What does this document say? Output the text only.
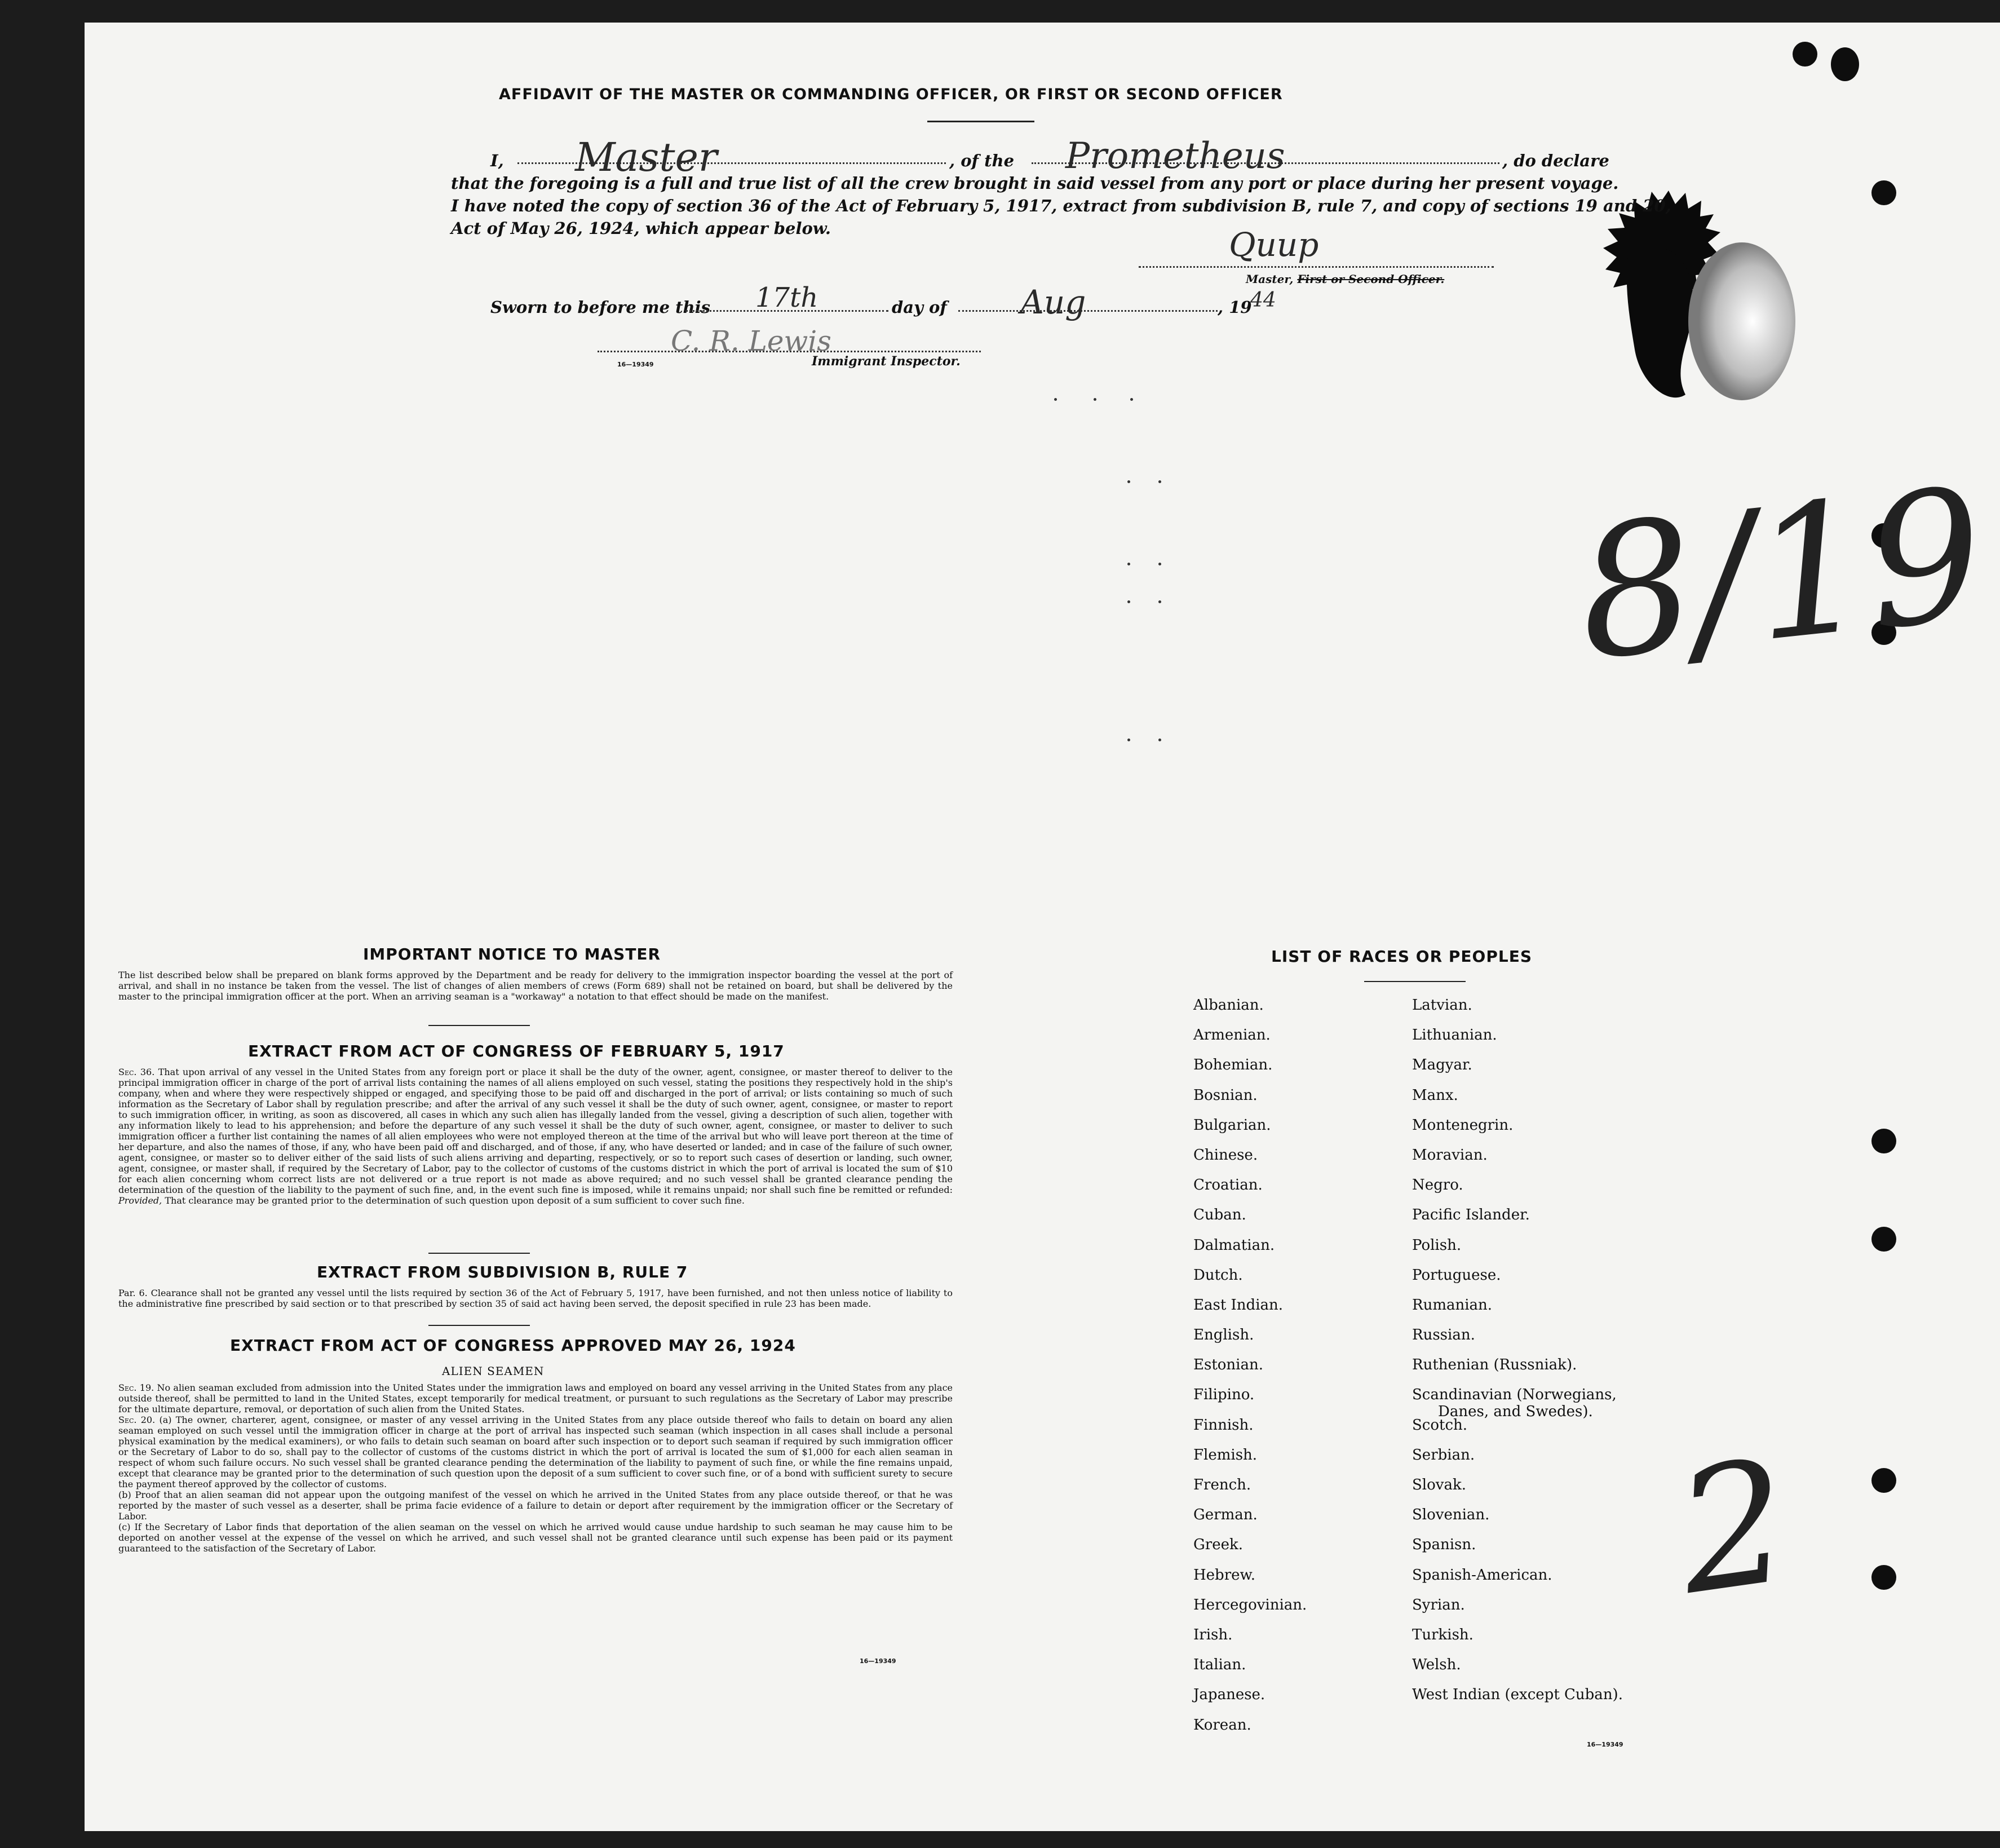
AFFIDAVIT OF THE MASTER OR COMMANDING OFFICER, OR FIRST OR SECOND OFFICER
I, Master	, of the Prometheus	, do declare
that the foregoing is a full and true list of all the crew brought in said vessel from any port or place during her present voyage.
I have noted the copy of section 36 of the Act of February 5, 1917, extract from subdivision B, rule 7, and copy of sections 19 and 20,
Act of May 26, 1924, which appear below.	Quup
Master, First or Second Officer.
Sworn to before me this 17th	day of Aug	, 19
44
C. R. Lewis
16—19349	Immigrant Inspector.
8/19
2
IMPORTANT NOTICE TO MASTER
The list described below shall be prepared on blank forms approved by the Department and be ready for delivery to the immigration inspector boarding the vessel at the port of arrival, and shall in no instance be taken from the vessel. The list of changes of alien members of crews (Form 689) shall not be retained on board, but shall be delivered by the master to the principal immigration officer at the port. When an arriving seaman is a "workaway" a notation to that effect should be made on the manifest.
EXTRACT FROM ACT OF CONGRESS OF FEBRUARY 5, 1917
Sec. 36. That upon arrival of any vessel in the United States from any foreign port or place it shall be the duty of the owner, agent, consignee, or master thereof to deliver to the principal immigration officer in charge of the port of arrival lists containing the names of all aliens employed on such vessel, stating the positions they respectively hold in the ship's company, when and where they were respectively shipped or engaged, and specifying those to be paid off and discharged in the port of arrival; or lists containing so much of such information as the Secretary of Labor shall by regulation prescribe; and after the arrival of any such vessel it shall be the duty of such owner, agent, consignee, or master to report to such immigration officer, in writing, as soon as discovered, all cases in which any such alien has illegally landed from the vessel, giving a description of such alien, together with any information likely to lead to his apprehension; and before the departure of any such vessel it shall be the duty of such owner, agent, consignee, or master to deliver to such immigration officer a further list containing the names of all alien employees who were not employed thereon at the time of the arrival but who will leave port thereon at the time of her departure, and also the names of those, if any, who have been paid off and discharged, and of those, if any, who have deserted or landed; and in case of the failure of such owner, agent, consignee, or master so to deliver either of the said lists of such aliens arriving and departing, respectively, or so to report such cases of desertion or landing, such owner, agent, consignee, or master shall, if required by the Secretary of Labor, pay to the collector of customs of the customs district in which the port of arrival is located the sum of $10 for each alien concerning whom correct lists are not delivered or a true report is not made as above required; and no such vessel shall be granted clearance pending the determination of the question of the liability to the payment of such fine, and, in the event such fine is imposed, while it remains unpaid; nor shall such fine be remitted or refunded: Provided, That clearance may be granted prior to the determination of such question upon deposit of a sum sufficient to cover such fine.
EXTRACT FROM SUBDIVISION B, RULE 7
Par. 6. Clearance shall not be granted any vessel until the lists required by section 36 of the Act of February 5, 1917, have been furnished, and not then unless notice of liability to the administrative fine prescribed by said section or to that prescribed by section 35 of said act having been served, the deposit specified in rule 23 has been made.
EXTRACT FROM ACT OF CONGRESS APPROVED MAY 26, 1924
ALIEN SEAMEN
Sec. 19. No alien seaman excluded from admission into the United States under the immigration laws and employed on board any vessel arriving in the United States from any place outside thereof, shall be permitted to land in the United States, except temporarily for medical treatment, or pursuant to such regulations as the Secretary of Labor may prescribe for the ultimate departure, removal, or deportation of such alien from the United States.
Sec. 20. (a) The owner, charterer, agent, consignee, or master of any vessel arriving in the United States from any place outside thereof who fails to detain on board any alien seaman employed on such vessel until the immigration officer in charge at the port of arrival has inspected such seaman (which inspection in all cases shall include a personal physical examination by the medical examiners), or who fails to detain such seaman on board after such inspection or to deport such seaman if required by such immigration officer or the Secretary of Labor to do so, shall pay to the collector of customs of the customs district in which the port of arrival is located the sum of $1,000 for each alien seaman in respect of whom such failure occurs. No such vessel shall be granted clearance pending the determination of the liability to payment of such fine, or while the fine remains unpaid, except that clearance may be granted prior to the determination of such question upon the deposit of a sum sufficient to cover such fine, or of a bond with sufficient surety to secure the payment thereof approved by the collector of customs.
(b) Proof that an alien seaman did not appear upon the outgoing manifest of the vessel on which he arrived in the United States from any place outside thereof, or that he was reported by the master of such vessel as a deserter, shall be prima facie evidence of a failure to detain or deport after requirement by the immigration officer or the Secretary of Labor.
(c) If the Secretary of Labor finds that deportation of the alien seaman on the vessel on which he arrived would cause undue hardship to such seaman he may cause him to be deported on another vessel at the expense of the vessel on which he arrived, and such vessel shall not be granted clearance until such expense has been paid or its payment guaranteed to the satisfaction of the Secretary of Labor.
16—19349
LIST OF RACES OR PEOPLES
Albanian.
Armenian.
Bohemian.
Bosnian.
Bulgarian.
Chinese.
Croatian.
Cuban.
Dalmatian.
Dutch.
East Indian.
English.
Estonian.
Filipino.
Finnish.
Flemish.
French.
German.
Greek.
Hebrew.
Hercegovinian.
Irish.
Italian.
Japanese.
Korean.
Latvian.
Lithuanian.
Magyar.
Manx.
Montenegrin.
Moravian.
Negro.
Pacific Islander.
Polish.
Portuguese.
Rumanian.
Russian.
Ruthenian (Russniak).
Scandinavian (Norwegians,
Danes, and Swedes).
Scotch.
Serbian.
Slovak.
Slovenian.
Spanisn.
Spanish-American.
Syrian.
Turkish.
Welsh.
West Indian (except Cuban).
16—19349
